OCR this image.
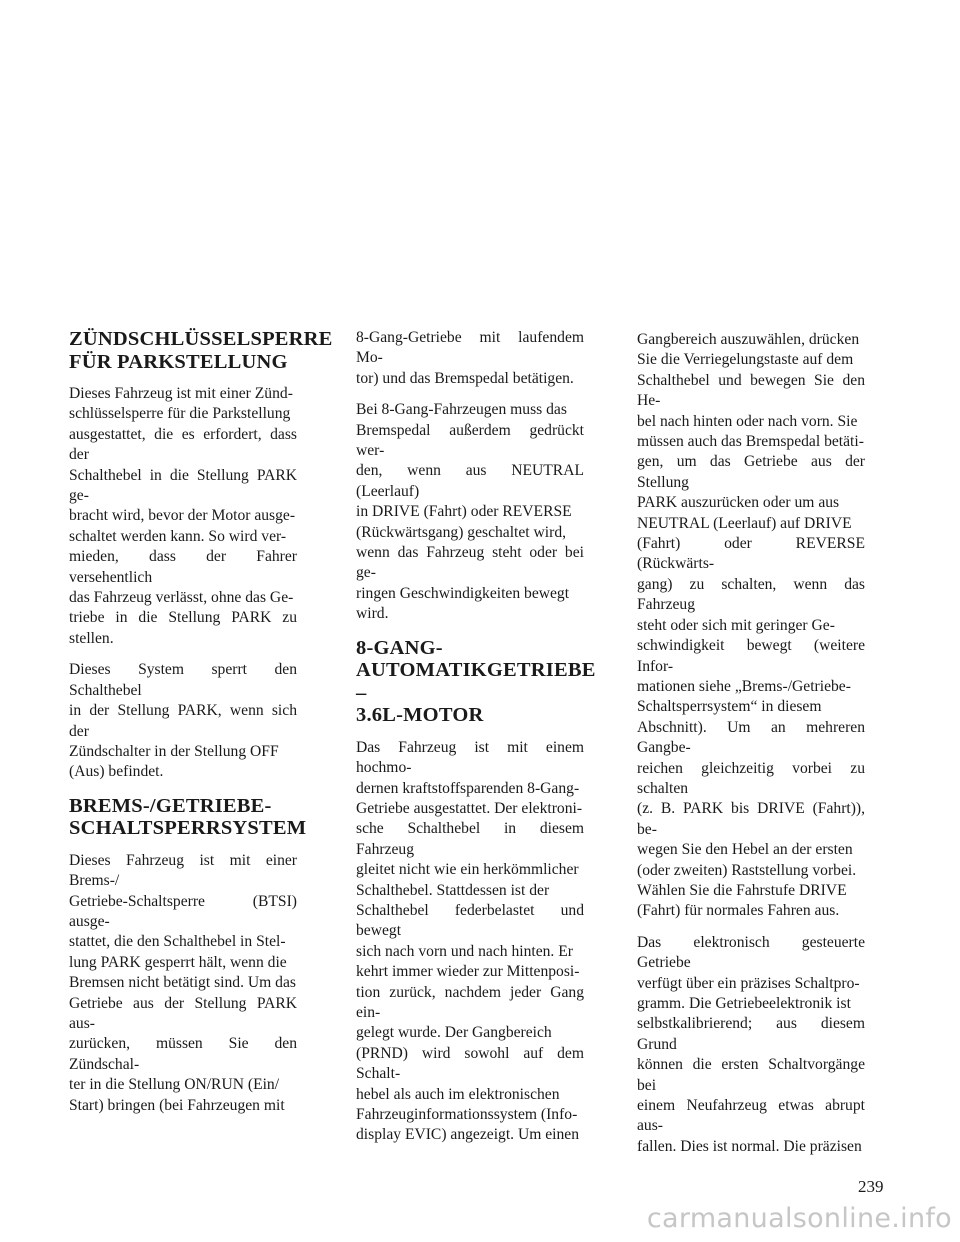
ZÜNDSCHLÜSSELSPERRE
FÜR PARKSTELLUNG

Dieses Fahrzeug ist mit einer Zünd-
schlüsselsperre für die Parkstellung
ausgestattet, die es erfordert, dass der
Schalthebel in die Stellung PARK ge-
bracht wird, bevor der Motor ausge-
schaltet werden kann. So wird ver-
mieden, dass der Fahrer versehentlich
das Fahrzeug verlässt, ohne das Ge-
triebe in die Stellung PARK zu stellen.

Dieses System sperrt den Schalthebel
in der Stellung PARK, wenn sich der
Zündschalter in der Stellung OFF
(Aus) befindet.

BREMS-/GETRIEBE-
SCHALTSPERRSYSTEM

Dieses Fahrzeug ist mit einer Brems-/
Getriebe-Schaltsperre (BTSI) ausge-
stattet, die den Schalthebel in Stel-
lung PARK gesperrt hält, wenn die
Bremsen nicht betätigt sind. Um das
Getriebe aus der Stellung PARK aus-
zurücken, müssen Sie den Zündschal-
ter in die Stellung ON/RUN (Ein/
Start) bringen (bei Fahrzeugen mit

8-Gang-Getriebe mit laufendem Mo-
tor) und das Bremspedal betätigen.

Bei 8-Gang-Fahrzeugen muss das
Bremspedal außerdem gedrückt wer-
den, wenn aus NEUTRAL (Leerlauf)
in DRIVE (Fahrt) oder REVERSE
(Rückwärtsgang) geschaltet wird,
wenn das Fahrzeug steht oder bei ge-
ringen Geschwindigkeiten bewegt
wird.

8-GANG-
AUTOMATIKGETRIEBE –
3.6L-MOTOR

Das Fahrzeug ist mit einem hochmo-
dernen kraftstoffsparenden 8-Gang-
Getriebe ausgestattet. Der elektroni-
sche Schalthebel in diesem Fahrzeug
gleitet nicht wie ein herkömmlicher
Schalthebel. Stattdessen ist der
Schalthebel federbelastet und bewegt
sich nach vorn und nach hinten. Er
kehrt immer wieder zur Mittenposi-
tion zurück, nachdem jeder Gang ein-
gelegt wurde. Der Gangbereich
(PRND) wird sowohl auf dem Schalt-
hebel als auch im elektronischen
Fahrzeuginformationssystem (Info-
display EVIC) angezeigt. Um einen

Gangbereich auszuwählen, drücken
Sie die Verriegelungstaste auf dem
Schalthebel und bewegen Sie den He-
bel nach hinten oder nach vorn. Sie
müssen auch das Bremspedal betäti-
gen, um das Getriebe aus der Stellung
PARK auszurücken oder um aus
NEUTRAL (Leerlauf) auf DRIVE
(Fahrt) oder REVERSE (Rückwärts-
gang) zu schalten, wenn das Fahrzeug
steht oder sich mit geringer Ge-
schwindigkeit bewegt (weitere Infor-
mationen siehe „Brems-/Getriebe-
Schaltsperrsystem“ in diesem
Abschnitt). Um an mehreren Gangbe-
reichen gleichzeitig vorbei zu schalten
(z. B. PARK bis DRIVE (Fahrt)), be-
wegen Sie den Hebel an der ersten
(oder zweiten) Raststellung vorbei.
Wählen Sie die Fahrstufe DRIVE
(Fahrt) für normales Fahren aus.

Das elektronisch gesteuerte Getriebe
verfügt über ein präzises Schaltpro-
gramm. Die Getriebeelektronik ist
selbstkalibrierend; aus diesem Grund
können die ersten Schaltvorgänge bei
einem Neufahrzeug etwas abrupt aus-
fallen. Dies ist normal. Die präzisen

239
carmanualsonline.info
